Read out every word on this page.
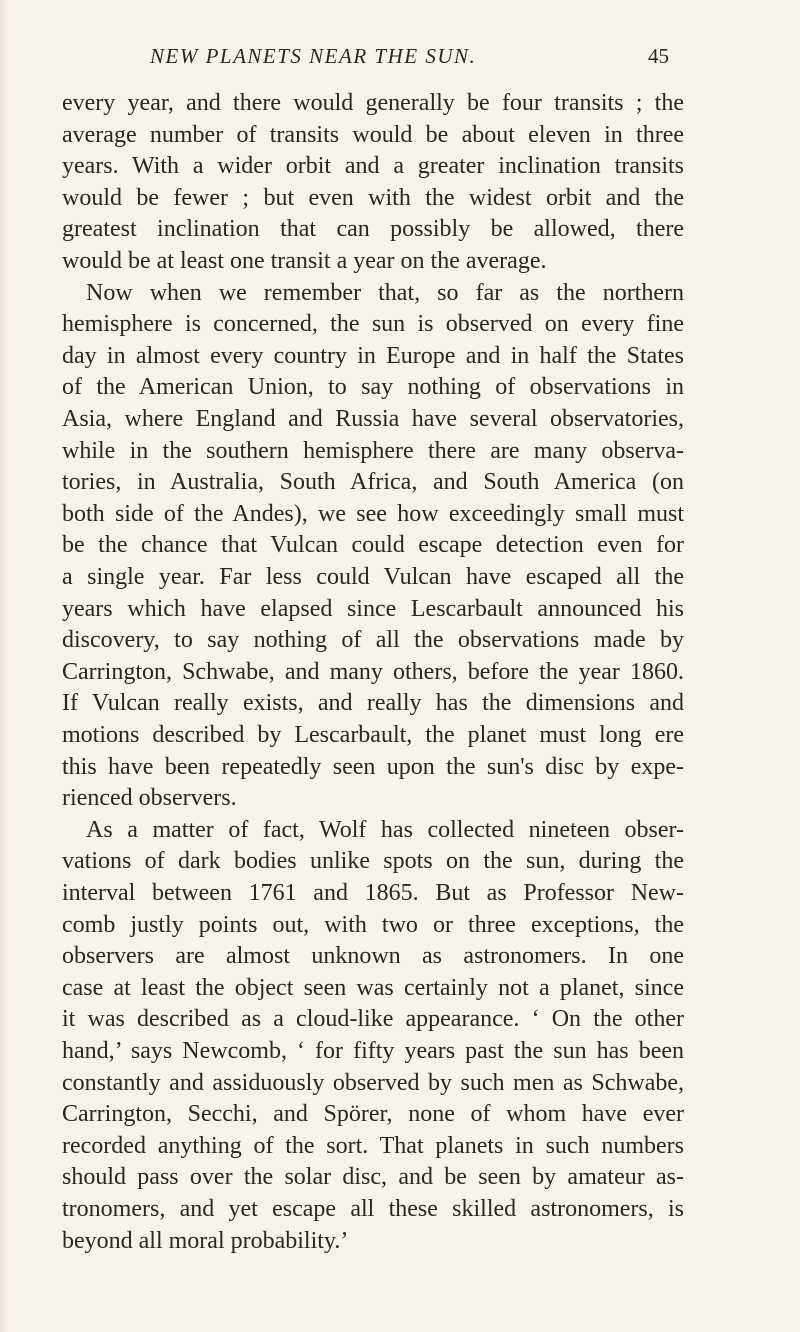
NEW PLANETS NEAR THE SUN.	45
every year, and there would generally be four transits ; the
average number of transits would be about eleven in three
years. With a wider orbit and a greater inclination transits
would be fewer ; but even with the widest orbit and the
greatest inclination that can possibly be allowed, there
would be at least one transit a year on the average.
Now when we remember that, so far as the northern
hemisphere is concerned, the sun is observed on every fine
day in almost every country in Europe and in half the States
of the American Union, to say nothing of observations in
Asia, where England and Russia have several observatories,
while in the southern hemisphere there are many observa-
tories, in Australia, South Africa, and South America (on
both side of the Andes), we see how exceedingly small must
be the chance that Vulcan could escape detection even for
a single year. Far less could Vulcan have escaped all the
years which have elapsed since Lescarbault announced his
discovery, to say nothing of all the observations made by
Carrington, Schwabe, and many others, before the year 1860.
If Vulcan really exists, and really has the dimensions and
motions described by Lescarbault, the planet must long ere
this have been repeatedly seen upon the sun's disc by expe-
rienced observers.
As a matter of fact, Wolf has collected nineteen obser-
vations of dark bodies unlike spots on the sun, during the
interval between 1761 and 1865. But as Professor New-
comb justly points out, with two or three exceptions, the
observers are almost unknown as astronomers. In one
case at least the object seen was certainly not a planet, since
it was described as a cloud-like appearance. ‘ On the other
hand,’ says Newcomb, ‘ for fifty years past the sun has been
constantly and assiduously observed by such men as Schwabe,
Carrington, Secchi, and Spörer, none of whom have ever
recorded anything of the sort. That planets in such numbers
should pass over the solar disc, and be seen by amateur as-
tronomers, and yet escape all these skilled astronomers, is
beyond all moral probability.’
